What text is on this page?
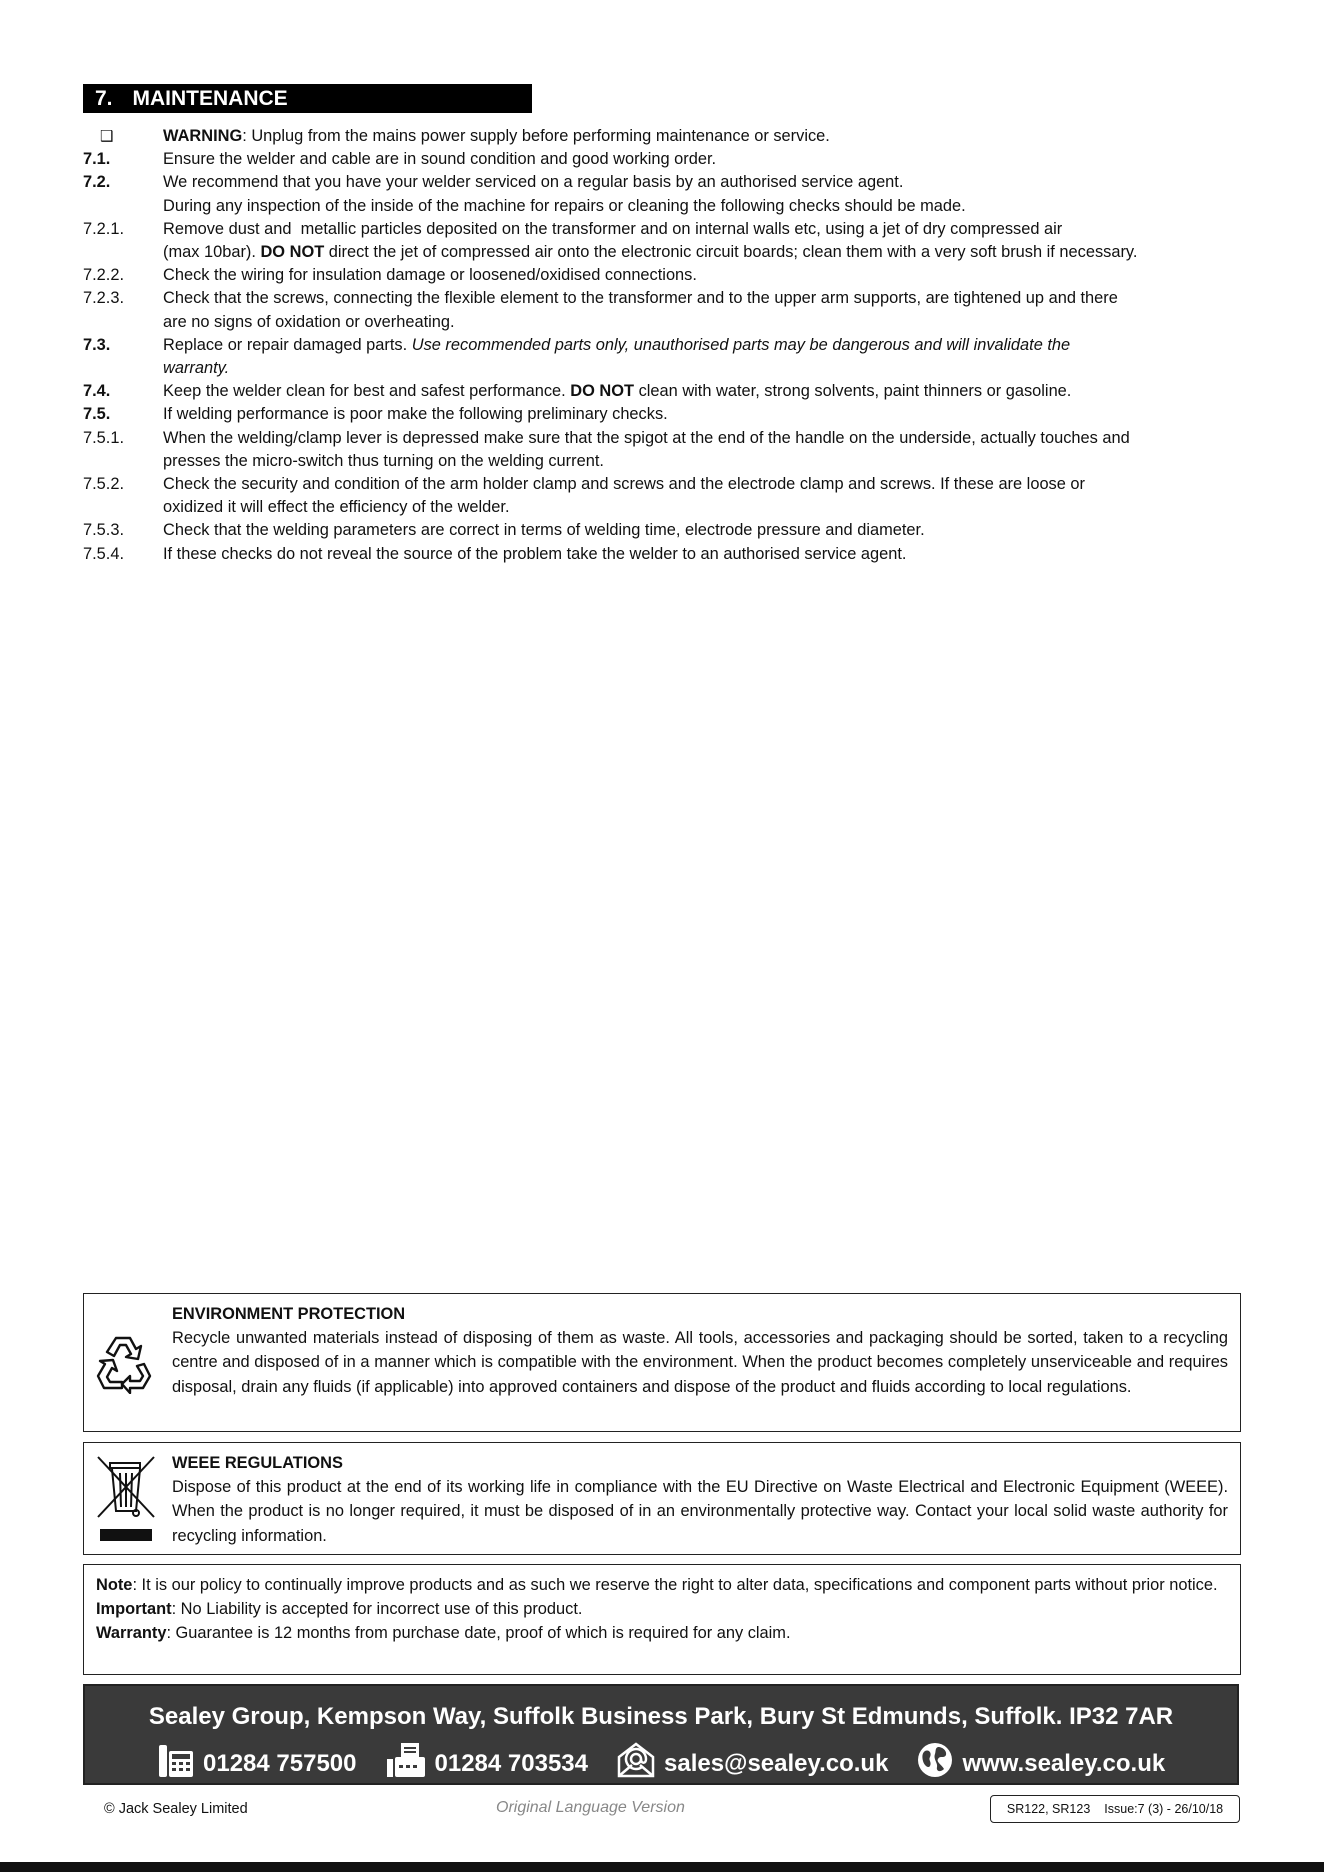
7. MAINTENANCE
❑	WARNING: Unplug from the mains power supply before performing maintenance or service.
7.1.	Ensure the welder and cable are in sound condition and good working order.
7.2.	We recommend that you have your welder serviced on a regular basis by an authorised service agent.
During any inspection of the inside of the machine for repairs or cleaning the following checks should be made.
7.2.1.	Remove dust and  metallic particles deposited on the transformer and on internal walls etc, using a jet of dry compressed air
(max 10bar). DO NOT direct the jet of compressed air onto the electronic circuit boards; clean them with a very soft brush if necessary.
7.2.2.	Check the wiring for insulation damage or loosened/oxidised connections.
7.2.3.	Check that the screws, connecting the flexible element to the transformer and to the upper arm supports, are tightened up and there
are no signs of oxidation or overheating.
7.3.	Replace or repair damaged parts. Use recommended parts only, unauthorised parts may be dangerous and will invalidate the
warranty.
7.4.	Keep the welder clean for best and safest performance. DO NOT clean with water, strong solvents, paint thinners or gasoline.
7.5.	If welding performance is poor make the following preliminary checks.
7.5.1.	When the welding/clamp lever is depressed make sure that the spigot at the end of the handle on the underside, actually touches and
presses the micro-switch thus turning on the welding current.
7.5.2.	Check the security and condition of the arm holder clamp and screws and the electrode clamp and screws. If these are loose or
oxidized it will effect the efficiency of the welder.
7.5.3.	Check that the welding parameters are correct in terms of welding time, electrode pressure and diameter.
7.5.4.	If these checks do not reveal the source of the problem take the welder to an authorised service agent.
ENVIRONMENT PROTECTION
Recycle unwanted materials instead of disposing of them as waste. All tools, accessories and packaging should be sorted, taken to a recycling centre and disposed of in a manner which is compatible with the environment. When the product becomes completely unserviceable and requires disposal, drain any fluids (if applicable) into approved containers and dispose of the product and fluids according to local regulations.
WEEE REGULATIONS
Dispose of this product at the end of its working life in compliance with the EU Directive on Waste Electrical and Electronic Equipment (WEEE). When the product is no longer required, it must be disposed of in an environmentally protective way. Contact your local solid waste authority for recycling information.

Note: It is our policy to continually improve products and as such we reserve the right to alter data, specifications and component parts without prior notice.

Important: No Liability is accepted for incorrect use of this product.

Warranty: Guarantee is 12 months from purchase date, proof of which is required for any claim.

Sealey Group, Kempson Way, Suffolk Business Park, Bury St Edmunds, Suffolk. IP32 7AR
01284 757500	01284 703534	sales@sealey.co.uk	www.sealey.co.uk
© Jack Sealey Limited	Original Language Version	SR122, SR123 Issue:7 (3) - 26/10/18
